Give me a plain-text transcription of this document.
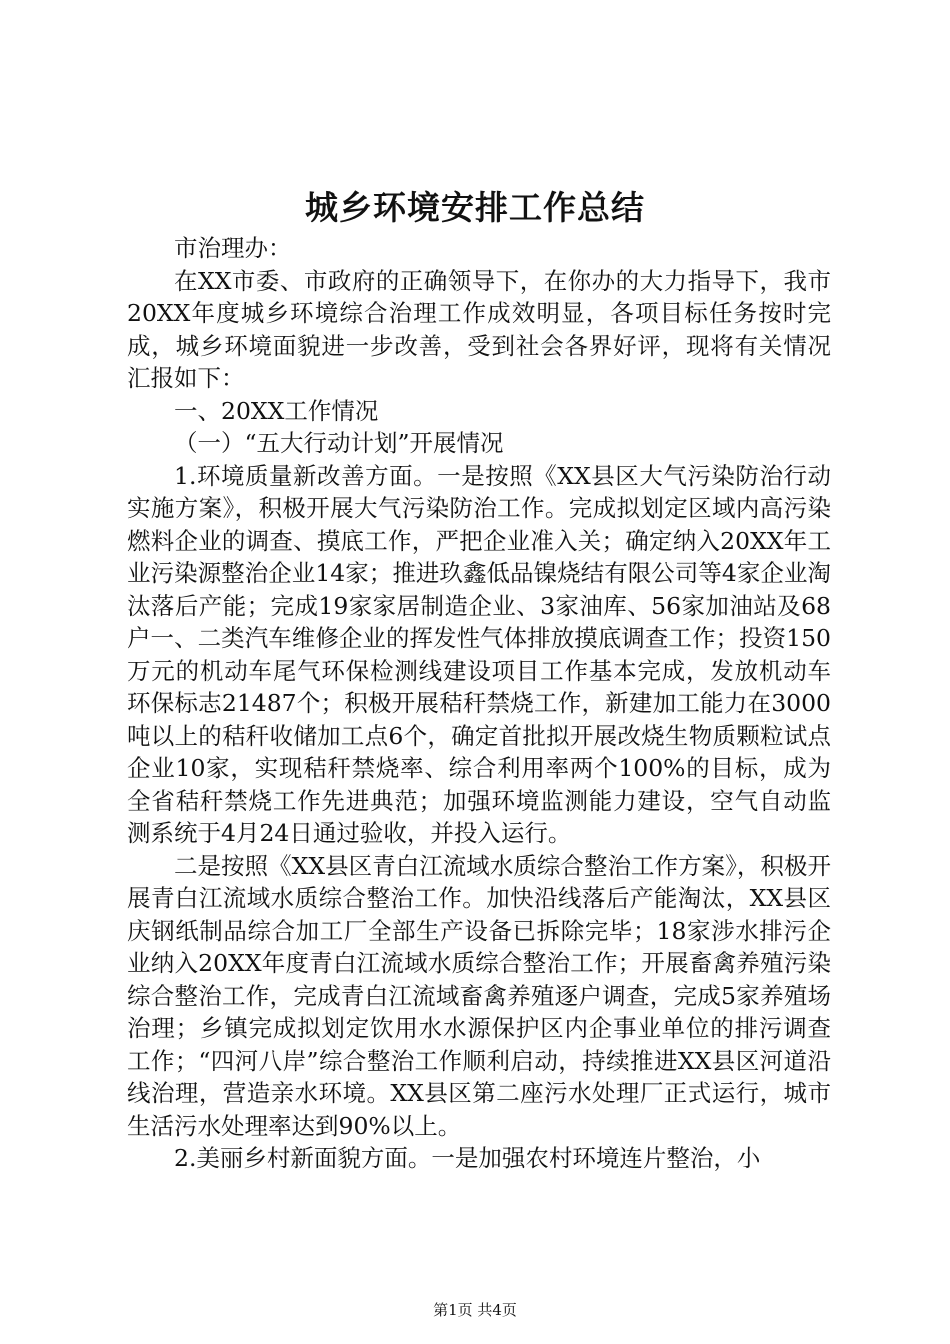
城乡环境安排工作总结

市治理办：

在XX市委、市政府的正确领导下，在你办的大力指导下，我市20XX年度城乡环境综合治理工作成效明显，各项目标任务按时完成，城乡环境面貌进一步改善，受到社会各界好评，现将有关情况汇报如下：

一、20XX工作情况

（一）“五大行动计划”开展情况

1.环境质量新改善方面。一是按照《XX县区大气污染防治行动实施方案》，积极开展大气污染防治工作。完成拟划定区域内高污染燃料企业的调查、摸底工作，严把企业准入关；确定纳入20XX年工业污染源整治企业14家；推进玖鑫低品镍烧结有限公司等4家企业淘汰落后产能；完成19家家居制造企业、3家油库、56家加油站及68户一、二类汽车维修企业的挥发性气体排放摸底调查工作；投资150万元的机动车尾气环保检测线建设项目工作基本完成，发放机动车环保标志21487个；积极开展秸秆禁烧工作，新建加工能力在3000吨以上的秸秆收储加工点6个，确定首批拟开展改烧生物质颗粒试点企业10家，实现秸秆禁烧率、综合利用率两个100%的目标，成为全省秸秆禁烧工作先进典范；加强环境监测能力建设，空气自动监测系统于4月24日通过验收，并投入运行。

二是按照《XX县区青白江流域水质综合整治工作方案》，积极开展青白江流域水质综合整治工作。加快沿线落后产能淘汰，XX县区庆钢纸制品综合加工厂全部生产设备已拆除完毕；18家涉水排污企业纳入20XX年度青白江流域水质综合整治工作；开展畜禽养殖污染综合整治工作，完成青白江流域畜禽养殖逐户调查，完成5家养殖场治理；乡镇完成拟划定饮用水水源保护区内企事业单位的排污调查工作；“四河八岸”综合整治工作顺利启动，持续推进XX县区河道沿线治理，营造亲水环境。XX县区第二座污水处理厂正式运行，城市生活污水处理率达到90%以上。

2.美丽乡村新面貌方面。一是加强农村环境连片整治，小

第1页 共4页
